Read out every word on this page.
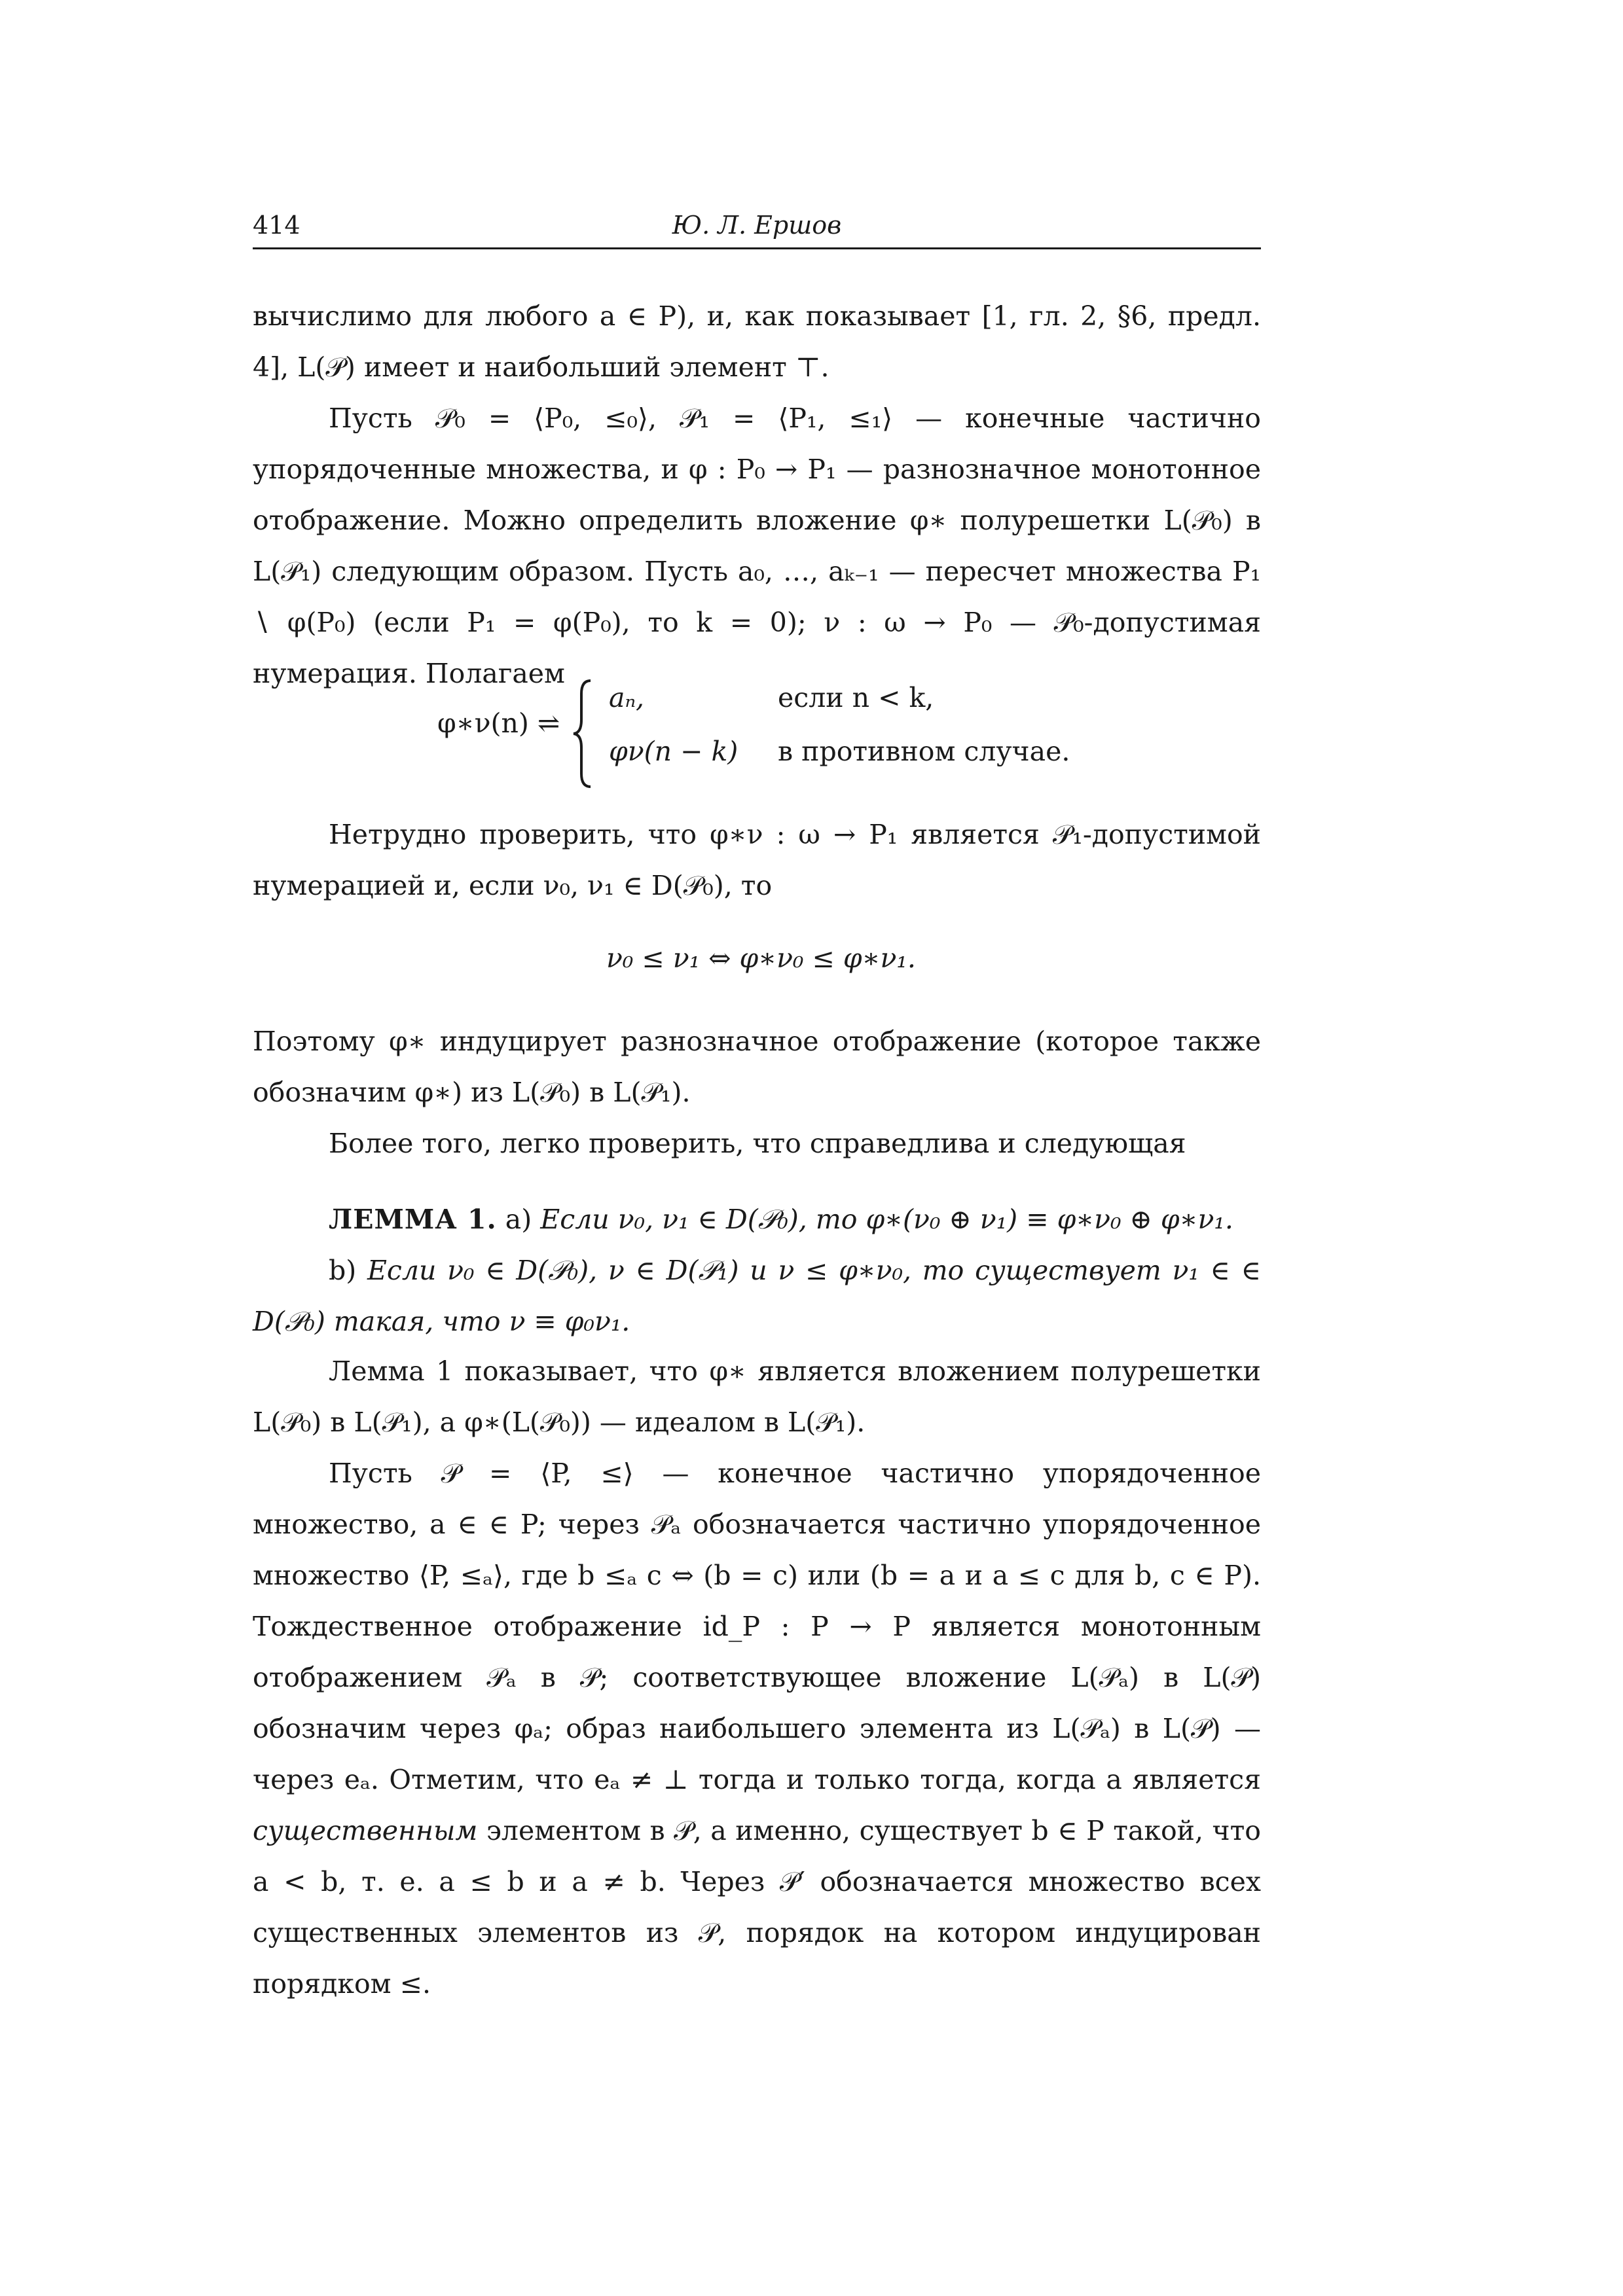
414	Ю. Л. Ершов

вычислимо для любого a ∈ P), и, как показывает [1, гл. 2, §6, предл. 4], L(𝒫) имеет и наибольший элемент ⊤.

Пусть 𝒫₀ = ⟨P₀, ≤₀⟩, 𝒫₁ = ⟨P₁, ≤₁⟩ — конечные частично упорядоченные множества, и φ : P₀ → P₁ — разнозначное монотонное отображение. Можно определить вложение φ∗ полурешетки L(𝒫₀) в L(𝒫₁) следующим образом. Пусть a₀, …, aₖ₋₁ — пересчет множества P₁ ∖ φ(P₀) (если P₁ = φ(P₀), то k = 0); ν : ω → P₀ — 𝒫₀-допустимая нумерация. Полагаем

φ∗ν(n) ⇌
aₙ,	если n < k,
φν(n − k) в противном случае.

Нетрудно проверить, что φ∗ν : ω → P₁ является 𝒫₁-допустимой нумерацией и, если ν₀, ν₁ ∈ D(𝒫₀), то

ν₀ ≤ ν₁ ⇔ φ∗ν₀ ≤ φ∗ν₁.

Поэтому φ∗ индуцирует разнозначное отображение (которое также обозначим φ∗) из L(𝒫₀) в L(𝒫₁).

Более того, легко проверить, что справедлива и следующая

ЛЕММА 1. a) Если ν₀, ν₁ ∈ D(𝒫₀), то φ∗(ν₀ ⊕ ν₁) ≡ φ∗ν₀ ⊕ φ∗ν₁.

b) Если ν₀ ∈ D(𝒫₀), ν ∈ D(𝒫₁) и ν ≤ φ∗ν₀, то существует ν₁ ∈ ∈ D(𝒫₀) такая, что ν ≡ φ₀ν₁.

Лемма 1 показывает, что φ∗ является вложением полурешетки L(𝒫₀) в L(𝒫₁), а φ∗(L(𝒫₀)) — идеалом в L(𝒫₁).

Пусть 𝒫 = ⟨P, ≤⟩ — конечное частично упорядоченное множество, a ∈ ∈ P; через 𝒫ₐ обозначается частично упорядоченное множество ⟨P, ≤ₐ⟩, где b ≤ₐ c ⇔ (b = c) или (b = a и a ≤ c для b, c ∈ P). Тождественное отображение id_P : P → P является монотонным отображением 𝒫ₐ в 𝒫; соответствующее вложение L(𝒫ₐ) в L(𝒫) обозначим через φₐ; образ наибольшего элемента из L(𝒫ₐ) в L(𝒫) — через eₐ. Отметим, что eₐ ≠ ⊥ тогда и только тогда, когда a является существенным элементом в 𝒫, а именно, существует b ∈ P такой, что a < b, т. е. a ≤ b и a ≠ b. Через 𝒫′ обозначается множество всех существенных элементов из 𝒫, порядок на котором индуцирован порядком ≤.
